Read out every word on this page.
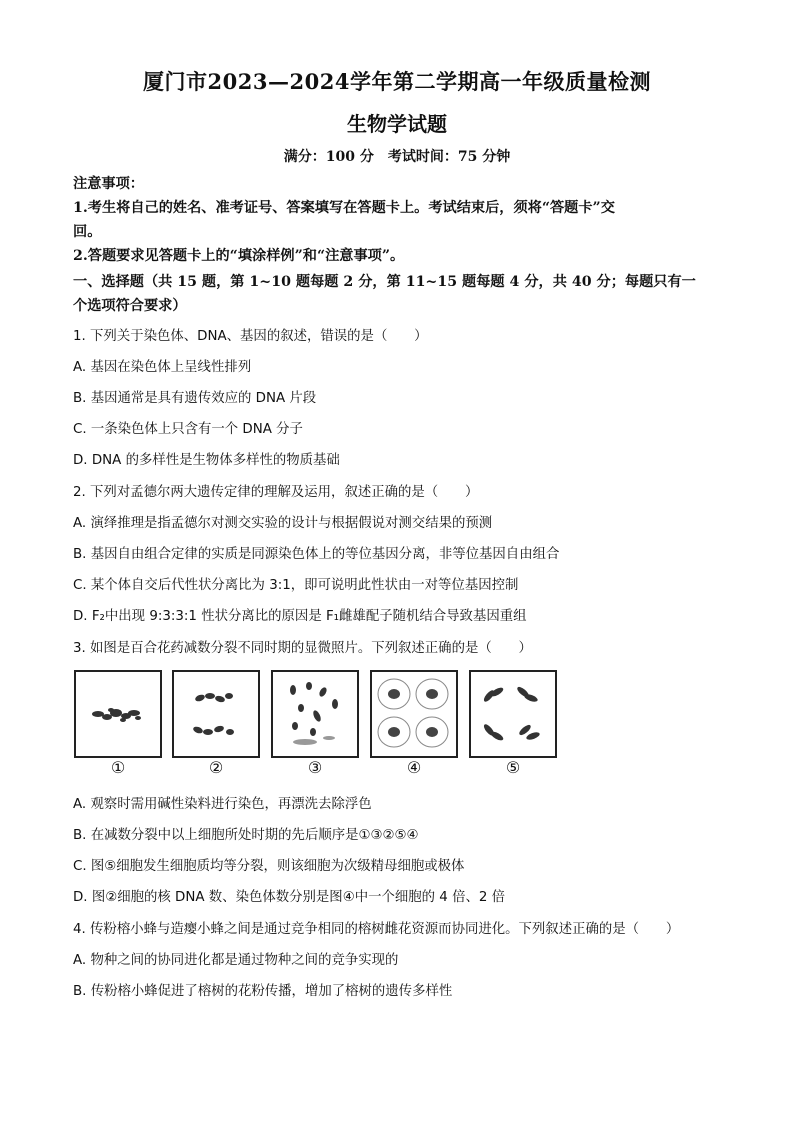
厦门市2023—2024学年第二学期高一年级质量检测
生物学试题
满分：100 分　考试时间：75 分钟
注意事项：
1.考生将自己的姓名、准考证号、答案填写在答题卡上。考试结束后，须将“答题卡”交
回。
2.答题要求见答题卡上的“填涂样例”和“注意事项”。
一、选择题（共 15 题，第 1~10 题每题 2 分，第 11~15 题每题 4 分，共 40 分；每题只有一
个选项符合要求）
1. 下列关于染色体、DNA、基因的叙述，错误的是（　　）
A. 基因在染色体上呈线性排列
B. 基因通常是具有遗传效应的 DNA 片段
C. 一条染色体上只含有一个 DNA 分子
D. DNA 的多样性是生物体多样性的物质基础
2. 下列对孟德尔两大遗传定律的理解及运用，叙述正确的是（　　）
A. 演绎推理是指孟德尔对测交实验的设计与根据假说对测交结果的预测
B. 基因自由组合定律的实质是同源染色体上的等位基因分离，非等位基因自由组合
C. 某个体自交后代性状分离比为 3:1，即可说明此性状由一对等位基因控制
D. F₂中出现 9:3:3:1 性状分离比的原因是 F₁雌雄配子随机结合导致基因重组
3. 如图是百合花药减数分裂不同时期的显微照片。下列叙述正确的是（　　）
①	②	③	④	⑤
A. 观察时需用碱性染料进行染色，再漂洗去除浮色
B. 在减数分裂中以上细胞所处时期的先后顺序是①③②⑤④
C. 图⑤细胞发生细胞质均等分裂，则该细胞为次级精母细胞或极体
D. 图②细胞的核 DNA 数、染色体数分别是图④中一个细胞的 4 倍、2 倍
4. 传粉榕小蜂与造瘿小蜂之间是通过竞争相同的榕树雌花资源而协同进化。下列叙述正确的是（　　）
A. 物种之间的协同进化都是通过物种之间的竞争实现的
B. 传粉榕小蜂促进了榕树的花粉传播，增加了榕树的遗传多样性
